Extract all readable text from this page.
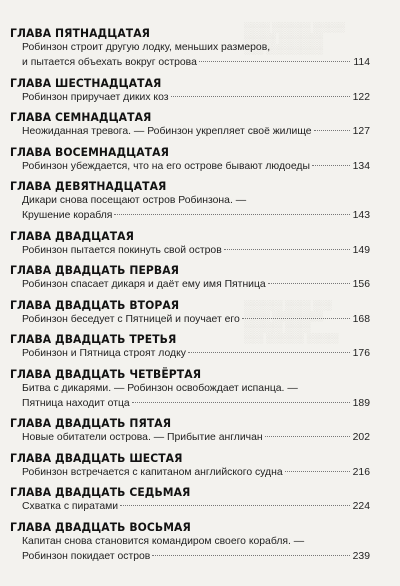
░░░░ ░░░░░░ ░░░░░
░░░░░ ░░░░░░░
░░░ ░░░░░░░░░
░░░░░░ ░░░░ ░░░
░░░░ ░░░░░░░░
░░░░░░ ░░░░
░░░ ░░░░░░ ░░░░░
ГЛАВА ПЯТНАДЦАТАЯ
Робинзон строит другую лодку, меньших размеров,
и пытается объехать вокруг острова	114
ГЛАВА ШЕСТНАДЦАТАЯ
Робинзон приручает диких коз	122
ГЛАВА СЕМНАДЦАТАЯ
Неожиданная тревога. — Робинзон укрепляет своё жилище	127
ГЛАВА ВОСЕМНАДЦАТАЯ
Робинзон убеждается, что на его острове бывают людоеды	134
ГЛАВА ДЕВЯТНАДЦАТАЯ
Дикари снова посещают остров Робинзона. —
Крушение корабля	143
ГЛАВА ДВАДЦАТАЯ
Робинзон пытается покинуть свой остров	149
ГЛАВА ДВАДЦАТЬ ПЕРВАЯ
Робинзон спасает дикаря и даёт ему имя Пятница	156
ГЛАВА ДВАДЦАТЬ ВТОРАЯ
Робинзон беседует с Пятницей и поучает его	168
ГЛАВА ДВАДЦАТЬ ТРЕТЬЯ
Робинзон и Пятница строят лодку	176
ГЛАВА ДВАДЦАТЬ ЧЕТВЁРТАЯ
Битва с дикарями. — Робинзон освобождает испанца. —
Пятница находит отца	189
ГЛАВА ДВАДЦАТЬ ПЯТАЯ
Новые обитатели острова. — Прибытие англичан	202
ГЛАВА ДВАДЦАТЬ ШЕСТАЯ
Робинзон встречается с капитаном английского судна	216
ГЛАВА ДВАДЦАТЬ СЕДЬМАЯ
Схватка с пиратами	224
ГЛАВА ДВАДЦАТЬ ВОСЬМАЯ
Капитан снова становится командиром своего корабля. —
Робинзон покидает остров	239
